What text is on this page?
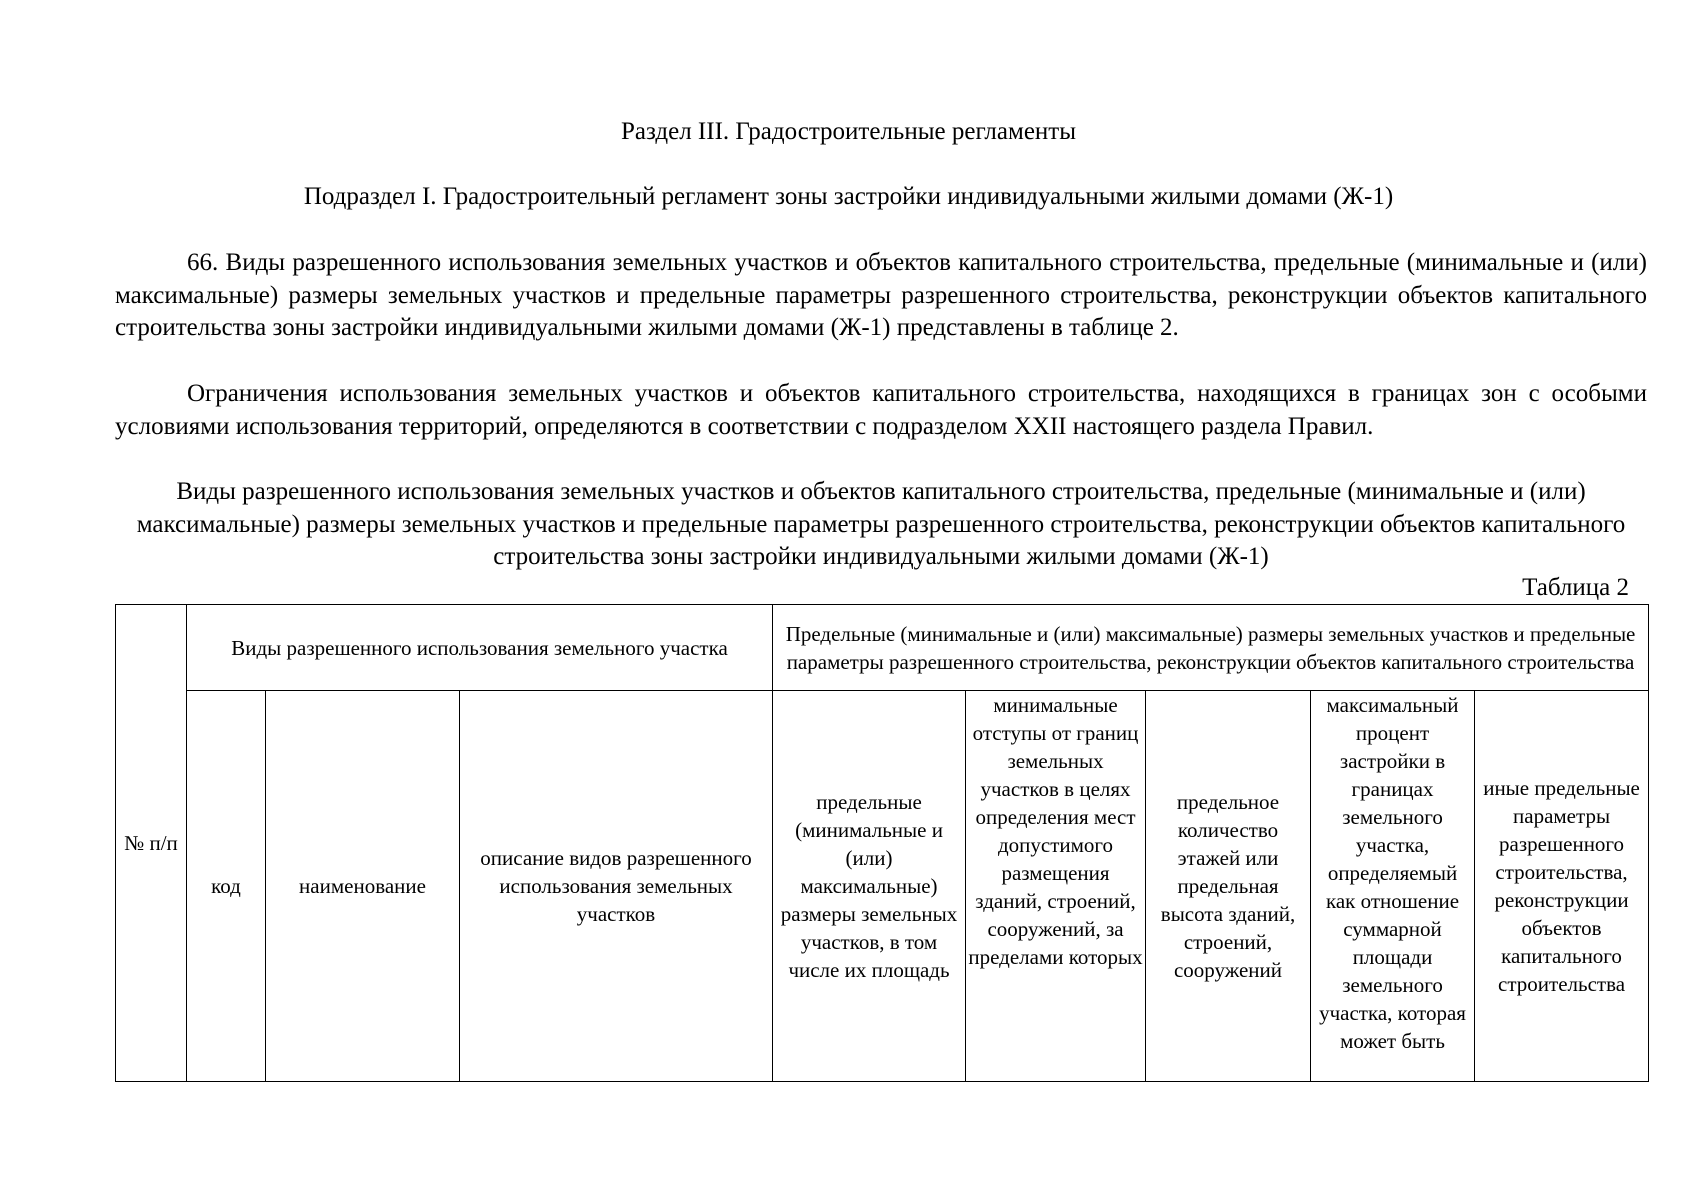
Раздел III. Градостроительные регламенты
Подраздел I. Градостроительный регламент зоны застройки индивидуальными жилыми домами (Ж-1)

66. Виды разрешенного использования земельных участков и объектов капитального строительства, предельные (минимальные и (или) максимальные) размеры земельных участков и предельные параметры разрешенного строительства, реконструкции объектов капитального строительства зоны застройки индивидуальными жилыми домами (Ж-1) представлены в таблице 2.

Ограничения использования земельных участков и объектов капитального строительства, находящихся в границах зон с особыми условиями использования территорий, определяются в соответствии с подразделом XXII настоящего раздела Правил.

Виды разрешенного использования земельных участков и объектов капитального строительства, предельные (минимальные и (или) максимальные) размеры земельных участков и предельные параметры разрешенного строительства, реконструкции объектов капитального строительства зоны застройки индивидуальными жилыми домами (Ж-1)
Таблица 2
№ п/п	Виды разрешенного использования земельного участка			Предельные (минимальные и (или) максимальные) размеры земельных участков и предельные параметры разрешенного строительства, реконструкции объектов капитального строительства				
	код	наименование	описание видов разрешенного использования земельных участков	предельные (минимальные и (или) максимальные) размеры земельных участков, в том числе их площадь	минимальные отступы от границ земельных участков в целях определения мест допустимого размещения зданий, строений, сооружений, за пределами которых	предельное количество этажей или предельная высота зданий, строений, сооружений	максимальный процент застройки в границах земельного участка, определяемый как отношение суммарной площади земельного участка, которая может быть	иные предельные параметры разрешенного строительства, реконструкции объектов капитального строительства
